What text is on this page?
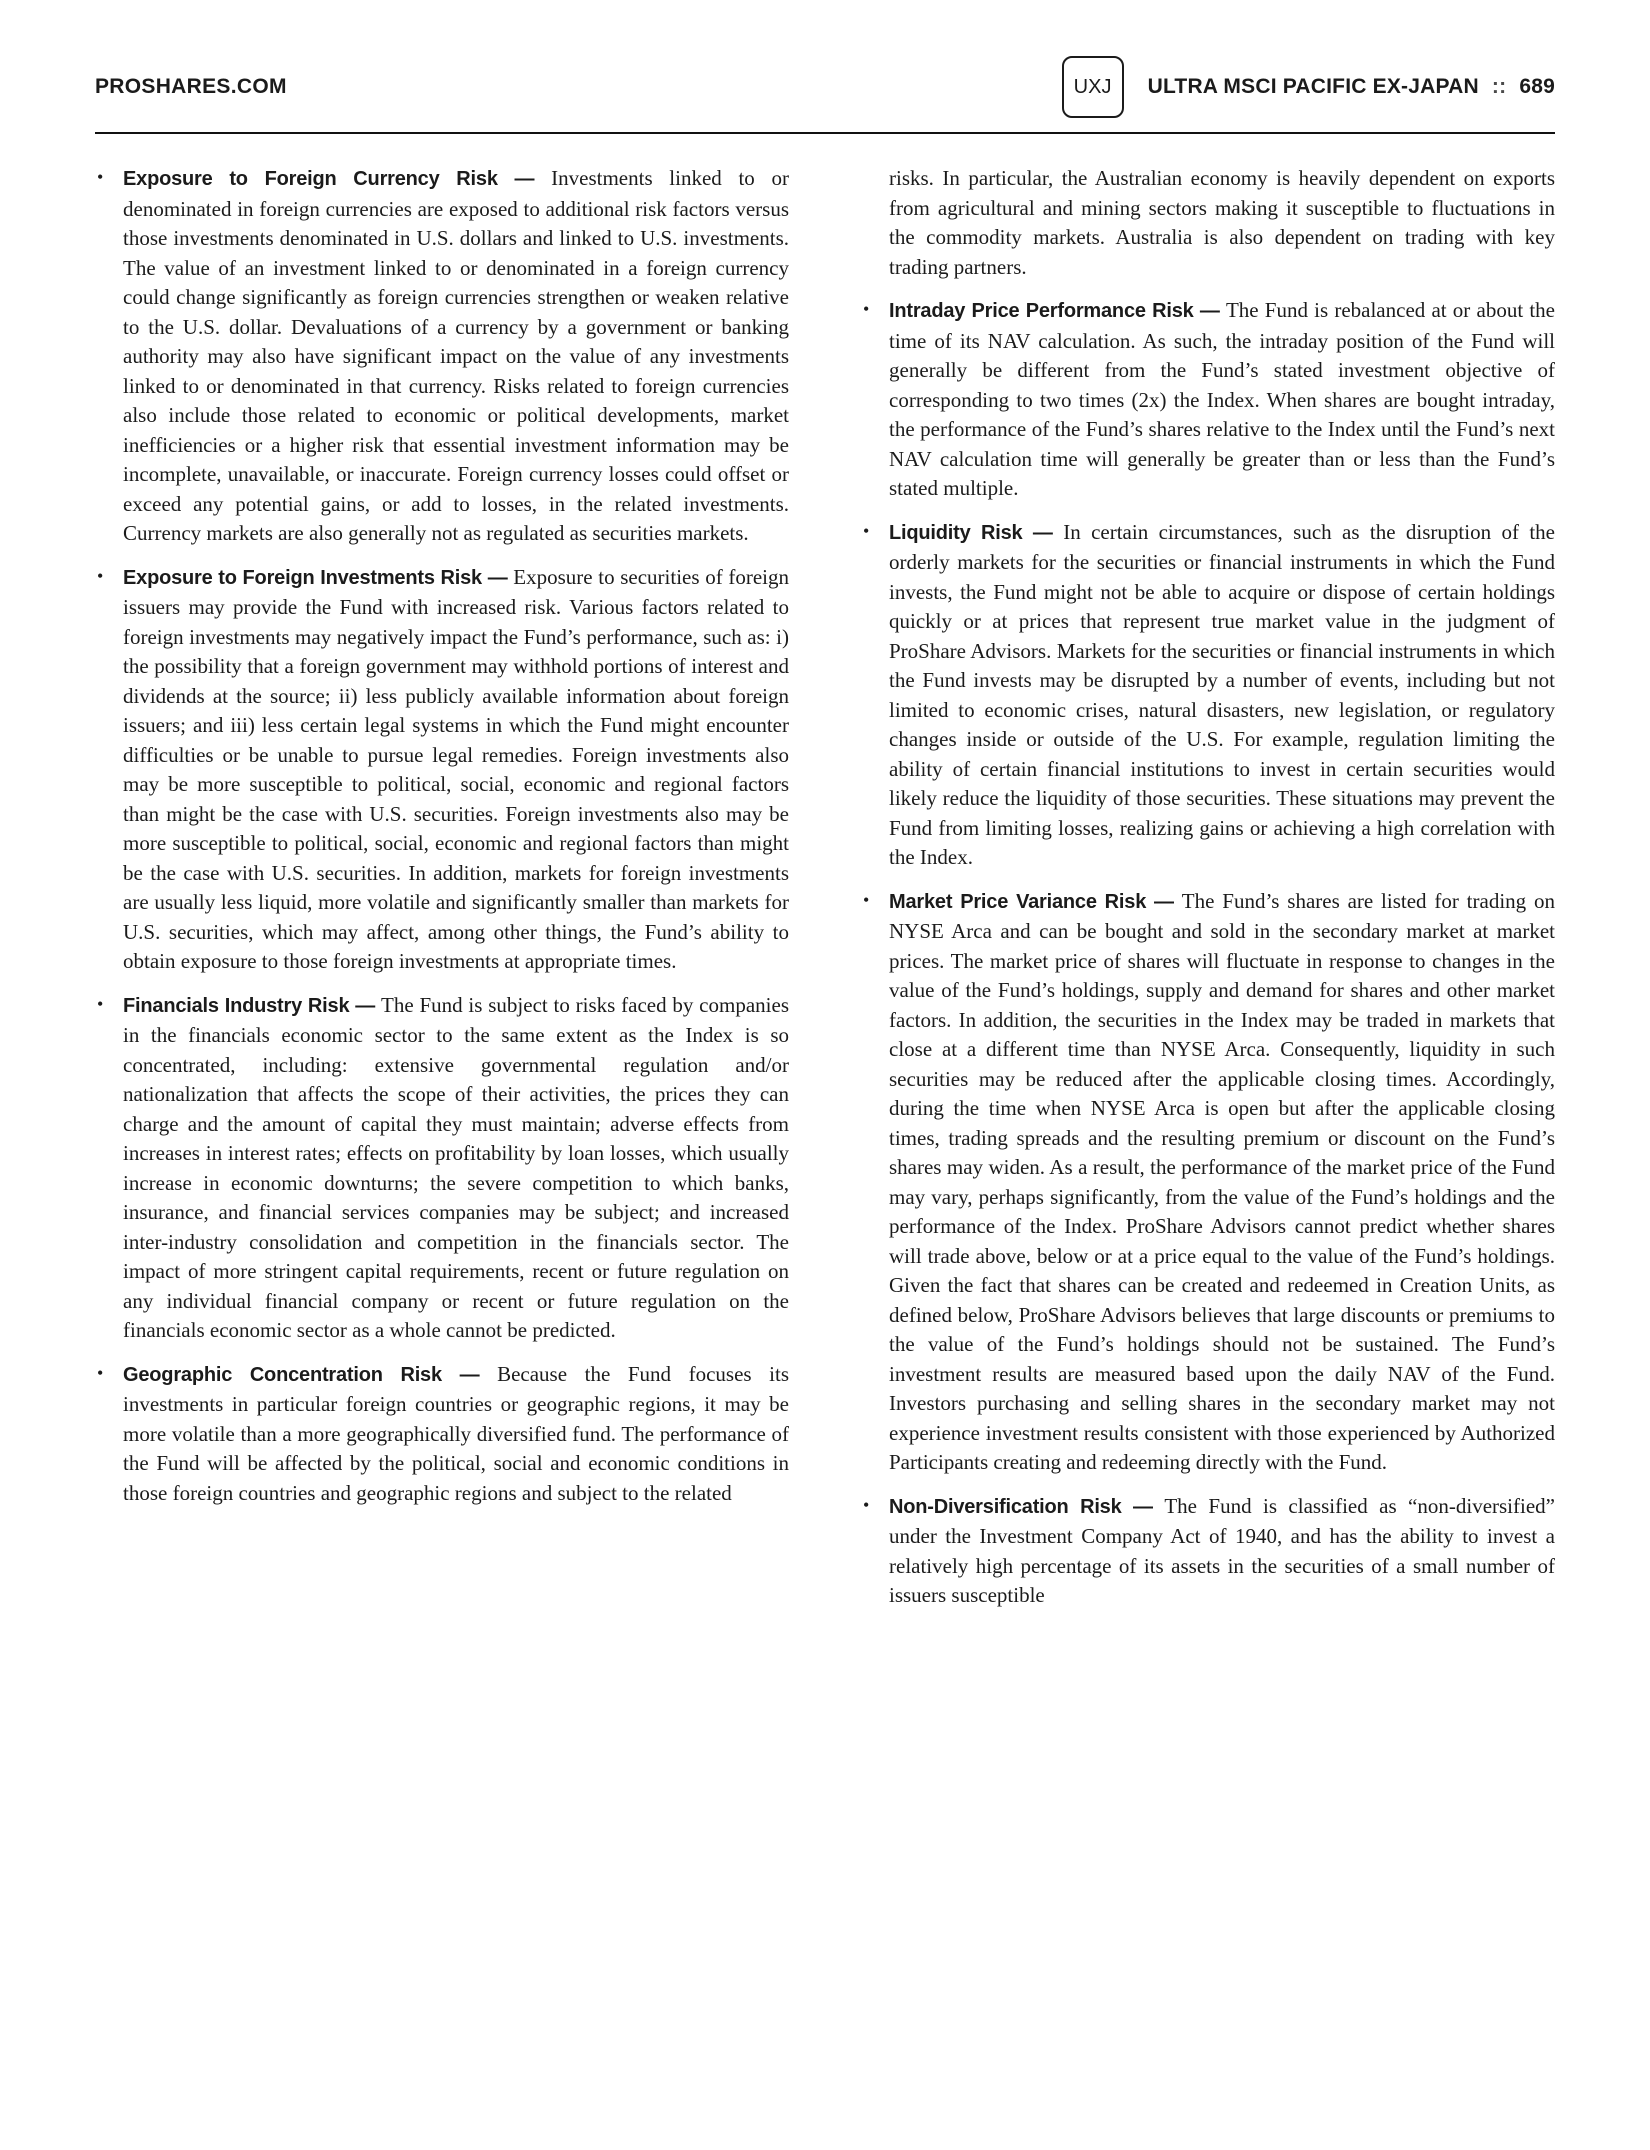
PROSHARES.COM	UXJ ULTRA MSCI PACIFIC EX-JAPAN :: 689
• Exposure to Foreign Currency Risk — Investments linked to or denominated in foreign currencies are exposed to additional risk factors versus those investments denominated in U.S. dollars and linked to U.S. investments. The value of an investment linked to or denominated in a foreign currency could change significantly as foreign currencies strengthen or weaken relative to the U.S. dollar. Devaluations of a currency by a government or banking authority may also have significant impact on the value of any investments linked to or denominated in that currency. Risks related to foreign currencies also include those related to economic or political developments, market inefficiencies or a higher risk that essential investment information may be incomplete, unavailable, or inaccurate. Foreign currency losses could offset or exceed any potential gains, or add to losses, in the related investments. Currency markets are also generally not as regulated as securities markets.
• Exposure to Foreign Investments Risk — Exposure to securities of foreign issuers may provide the Fund with increased risk. Various factors related to foreign investments may negatively impact the Fund’s performance, such as: i) the possibility that a foreign government may withhold portions of interest and dividends at the source; ii) less publicly available information about foreign issuers; and iii) less certain legal systems in which the Fund might encounter difficulties or be unable to pursue legal remedies. Foreign investments also may be more susceptible to political, social, economic and regional factors than might be the case with U.S. securities. Foreign investments also may be more susceptible to political, social, economic and regional factors than might be the case with U.S. securities. In addition, markets for foreign investments are usually less liquid, more volatile and significantly smaller than markets for U.S. securities, which may affect, among other things, the Fund’s ability to obtain exposure to those foreign investments at appropriate times.
• Financials Industry Risk — The Fund is subject to risks faced by companies in the financials economic sector to the same extent as the Index is so concentrated, including: extensive governmental regulation and/or nationalization that affects the scope of their activities, the prices they can charge and the amount of capital they must maintain; adverse effects from increases in interest rates; effects on profitability by loan losses, which usually increase in economic downturns; the severe competition to which banks, insurance, and financial services companies may be subject; and increased inter-industry consolidation and competition in the financials sector. The impact of more stringent capital requirements, recent or future regulation on any individual financial company or recent or future regulation on the financials economic sector as a whole cannot be predicted.
• Geographic Concentration Risk — Because the Fund focuses its investments in particular foreign countries or geographic regions, it may be more volatile than a more geographically diversified fund. The performance of the Fund will be affected by the political, social and economic conditions in those foreign countries and geographic regions and subject to the related
risks. In particular, the Australian economy is heavily dependent on exports from agricultural and mining sectors making it susceptible to fluctuations in the commodity markets. Australia is also dependent on trading with key trading partners.
• Intraday Price Performance Risk — The Fund is rebalanced at or about the time of its NAV calculation. As such, the intraday position of the Fund will generally be different from the Fund’s stated investment objective of corresponding to two times (2x) the Index. When shares are bought intraday, the performance of the Fund’s shares relative to the Index until the Fund’s next NAV calculation time will generally be greater than or less than the Fund’s stated multiple.
• Liquidity Risk — In certain circumstances, such as the disruption of the orderly markets for the securities or financial instruments in which the Fund invests, the Fund might not be able to acquire or dispose of certain holdings quickly or at prices that represent true market value in the judgment of ProShare Advisors. Markets for the securities or financial instruments in which the Fund invests may be disrupted by a number of events, including but not limited to economic crises, natural disasters, new legislation, or regulatory changes inside or outside of the U.S. For example, regulation limiting the ability of certain financial institutions to invest in certain securities would likely reduce the liquidity of those securities. These situations may prevent the Fund from limiting losses, realizing gains or achieving a high correlation with the Index.
• Market Price Variance Risk — The Fund’s shares are listed for trading on NYSE Arca and can be bought and sold in the secondary market at market prices. The market price of shares will fluctuate in response to changes in the value of the Fund’s holdings, supply and demand for shares and other market factors. In addition, the securities in the Index may be traded in markets that close at a different time than NYSE Arca. Consequently, liquidity in such securities may be reduced after the applicable closing times. Accordingly, during the time when NYSE Arca is open but after the applicable closing times, trading spreads and the resulting premium or discount on the Fund’s shares may widen. As a result, the performance of the market price of the Fund may vary, perhaps significantly, from the value of the Fund’s holdings and the performance of the Index. ProShare Advisors cannot predict whether shares will trade above, below or at a price equal to the value of the Fund’s holdings. Given the fact that shares can be created and redeemed in Creation Units, as defined below, ProShare Advisors believes that large discounts or premiums to the value of the Fund’s holdings should not be sustained. The Fund’s investment results are measured based upon the daily NAV of the Fund. Investors purchasing and selling shares in the secondary market may not experience investment results consistent with those experienced by Authorized Participants creating and redeeming directly with the Fund.
• Non-Diversification Risk — The Fund is classified as “non-diversified” under the Investment Company Act of 1940, and has the ability to invest a relatively high percentage of its assets in the securities of a small number of issuers susceptible
